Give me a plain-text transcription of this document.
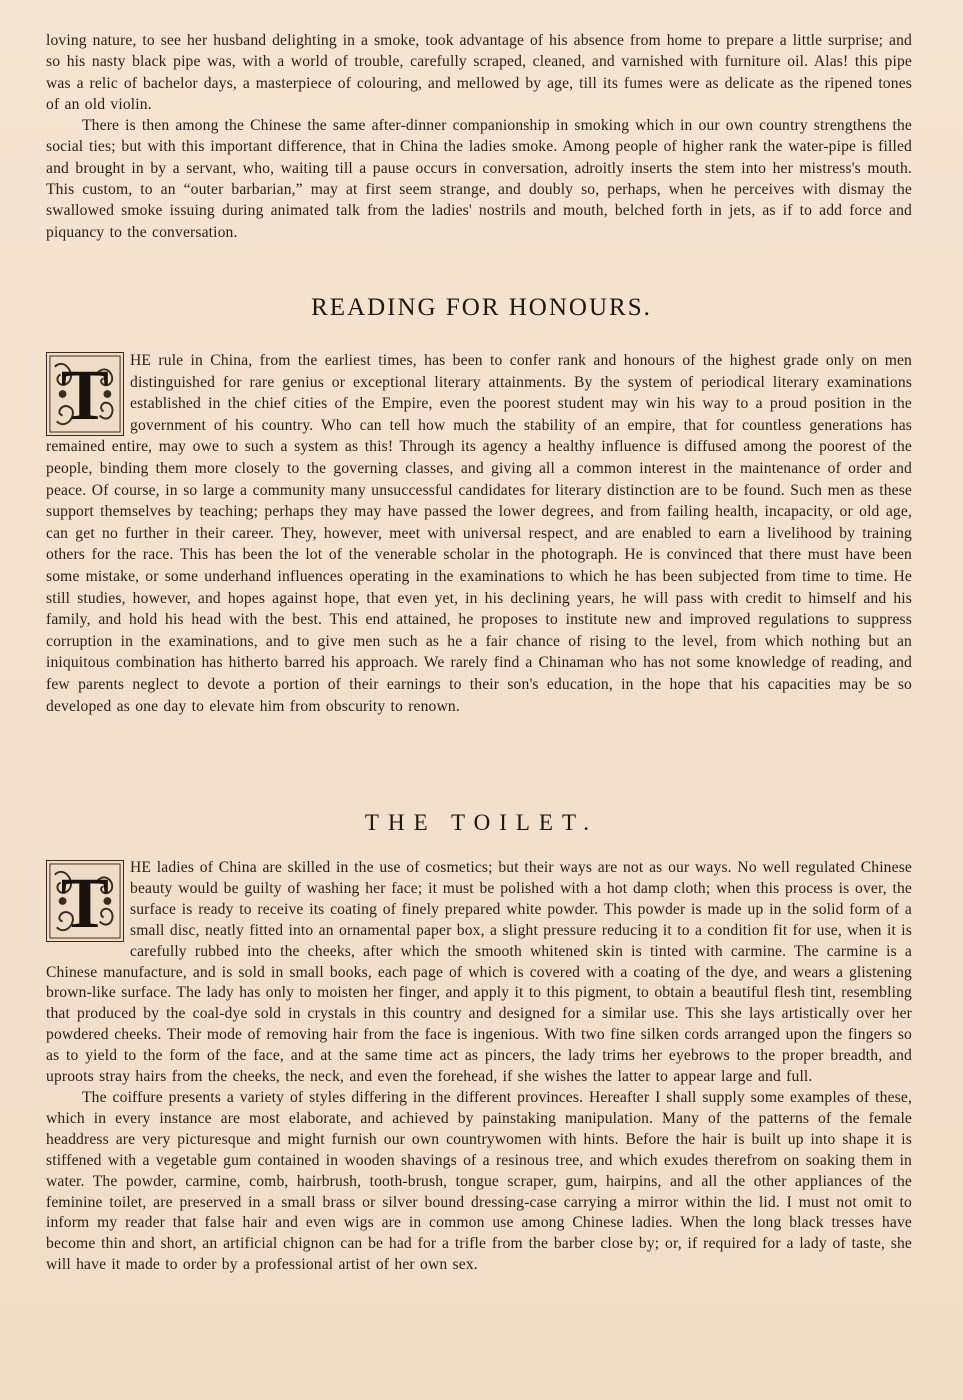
loving nature, to see her husband delighting in a smoke, took advantage of his absence from home to prepare a little surprise; and so his nasty black pipe was, with a world of trouble, carefully scraped, cleaned, and varnished with furniture oil. Alas! this pipe was a relic of bachelor days, a masterpiece of colouring, and mellowed by age, till its fumes were as delicate as the ripened tones of an old violin.

There is then among the Chinese the same after-dinner companionship in smoking which in our own country strengthens the social ties; but with this important difference, that in China the ladies smoke. Among people of higher rank the water-pipe is filled and brought in by a servant, who, waiting till a pause occurs in conversation, adroitly inserts the stem into her mistress's mouth. This custom, to an “outer barbarian,” may at first seem strange, and doubly so, perhaps, when he perceives with dismay the swallowed smoke issuing during animated talk from the ladies' nostrils and mouth, belched forth in jets, as if to add force and piquancy to the conversation.

READING FOR HONOURS.
T	HE rule in China, from the earliest times, has been to confer rank and honours of the highest grade only on men distinguished for rare genius or exceptional literary attainments. By the system of periodical literary examinations established in the chief cities of the Empire, even the poorest student may win his way to a proud position in the government of his country. Who can tell how much the stability of an empire, that for countless generations has remained entire, may owe to such a system as this! Through its agency a healthy influence is diffused among the poorest of the people, binding them more closely to the governing classes, and giving all a common interest in the maintenance of order and peace. Of course, in so large a community many unsuccessful candidates for literary distinction are to be found. Such men as these support themselves by teaching; perhaps they may have passed the lower degrees, and from failing health, incapacity, or old age, can get no further in their career. They, however, meet with universal respect, and are enabled to earn a livelihood by training others for the race. This has been the lot of the venerable scholar in the photograph. He is convinced that there must have been some mistake, or some underhand influences operating in the examinations to which he has been subjected from time to time. He still studies, however, and hopes against hope, that even yet, in his declining years, he will pass with credit to himself and his family, and hold his head with the best. This end attained, he proposes to institute new and improved regulations to suppress corruption in the examinations, and to give men such as he a fair chance of rising to the level, from which nothing but an iniquitous combination has hitherto barred his approach. We rarely find a Chinaman who has not some knowledge of reading, and few parents neglect to devote a portion of their earnings to their son's education, in the hope that his capacities may be so developed as one day to elevate him from obscurity to renown.
THE TOILET.
T	HE ladies of China are skilled in the use of cosmetics; but their ways are not as our ways. No well regulated Chinese beauty would be guilty of washing her face; it must be polished with a hot damp cloth; when this process is over, the surface is ready to receive its coating of finely prepared white powder. This powder is made up in the solid form of a small disc, neatly fitted into an ornamental paper box, a slight pressure reducing it to a condition fit for use, when it is carefully rubbed into the cheeks, after which the smooth whitened skin is tinted with carmine. The carmine is a Chinese manufacture, and is sold in small books, each page of which is covered with a coating of the dye, and wears a glistening brown-like surface. The lady has only to moisten her finger, and apply it to this pigment, to obtain a beautiful flesh tint, resembling that produced by the coal-dye sold in crystals in this country and designed for a similar use. This she lays artistically over her powdered cheeks. Their mode of removing hair from the face is ingenious. With two fine silken cords arranged upon the fingers so as to yield to the form of the face, and at the same time act as pincers, the lady trims her eyebrows to the proper breadth, and uproots stray hairs from the cheeks, the neck, and even the forehead, if she wishes the latter to appear large and full.

The coiffure presents a variety of styles differing in the different provinces. Hereafter I shall supply some examples of these, which in every instance are most elaborate, and achieved by painstaking manipulation. Many of the patterns of the female headdress are very picturesque and might furnish our own countrywomen with hints. Before the hair is built up into shape it is stiffened with a vegetable gum contained in wooden shavings of a resinous tree, and which exudes therefrom on soaking them in water. The powder, carmine, comb, hairbrush, tooth-brush, tongue scraper, gum, hairpins, and all the other appliances of the feminine toilet, are preserved in a small brass or silver bound dressing-case carrying a mirror within the lid. I must not omit to inform my reader that false hair and even wigs are in common use among Chinese ladies. When the long black tresses have become thin and short, an artificial chignon can be had for a trifle from the barber close by; or, if required for a lady of taste, she will have it made to order by a professional artist of her own sex.
